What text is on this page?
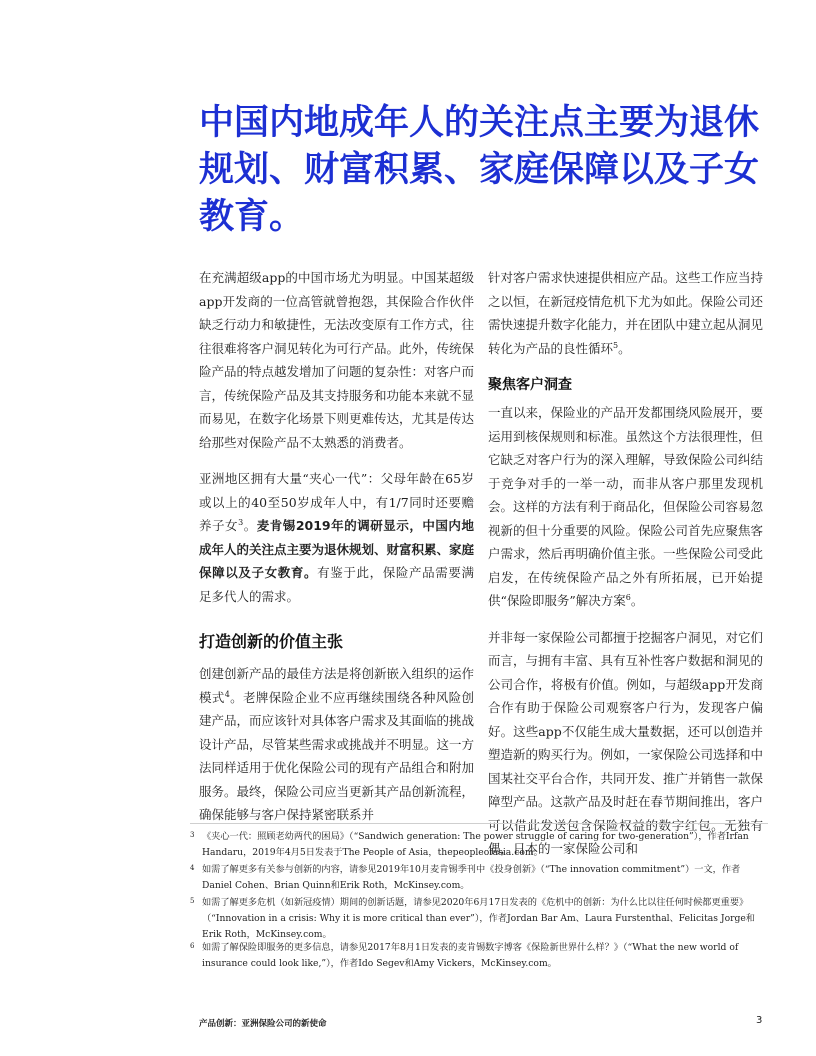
中国内地成年人的关注点主要为退休规划、财富积累、家庭保障以及子女教育。

在充满超级app的中国市场尤为明显。中国某超级app开发商的一位高管就曾抱怨，其保险合作伙伴缺乏行动力和敏捷性，无法改变原有工作方式，往往很难将客户洞见转化为可行产品。此外，传统保险产品的特点越发增加了问题的复杂性：对客户而言，传统保险产品及其支持服务和功能本来就不显而易见，在数字化场景下则更难传达，尤其是传达给那些对保险产品不太熟悉的消费者。

亚洲地区拥有大量“夹心一代”：父母年龄在65岁或以上的40至50岁成年人中，有1/7同时还要赡养子女$^3$。麦肯锡2019年的调研显示，中国内地成年人的关注点主要为退休规划、财富积累、家庭保障以及子女教育。有鉴于此，保险产品需要满足多代人的需求。

打造创新的价值主张

创建创新产品的最佳方法是将创新嵌入组织的运作模式$^4$。老牌保险企业不应再继续围绕各种风险创建产品，而应该针对具体客户需求及其面临的挑战设计产品，尽管某些需求或挑战并不明显。这一方法同样适用于优化保险公司的现有产品组合和附加服务。最终，保险公司应当更新其产品创新流程，确保能够与客户保持紧密联系并

针对客户需求快速提供相应产品。这些工作应当持之以恒，在新冠疫情危机下尤为如此。保险公司还需快速提升数字化能力，并在团队中建立起从洞见转化为产品的良性循环$^5$。

聚焦客户洞查

一直以来，保险业的产品开发都围绕风险展开，要运用到核保规则和标准。虽然这个方法很理性，但它缺乏对客户行为的深入理解，导致保险公司纠结于竞争对手的一举一动，而非从客户那里发现机会。这样的方法有利于商品化，但保险公司容易忽视新的但十分重要的风险。保险公司首先应聚焦客户需求，然后再明确价值主张。一些保险公司受此启发，在传统保险产品之外有所拓展，已开始提供“保险即服务”解决方案$^6$。

并非每一家保险公司都擅于挖掘客户洞见，对它们而言，与拥有丰富、具有互补性客户数据和洞见的公司合作，将极有价值。例如，与超级app开发商合作有助于保险公司观察客户行为，发现客户偏好。这些app不仅能生成大量数据，还可以创造并塑造新的购买行为。例如，一家保险公司选择和中国某社交平台合作，共同开发、推广并销售一款保障型产品。这款产品及时赶在春节期间推出，客户可以借此发送包含保险权益的数字红包。无独有偶，日本的一家保险公司和

3 《夹心一代：照顾老幼两代的困局》（“Sandwich generation: The power struggle of caring for two-generation”），作者Irfan Handaru，2019年4月5日发表于The People of Asia，thepeopleofasia.com。
4 如需了解更多有关参与创新的内容，请参见2019年10月麦肯锡季刊中《投身创新》（“The innovation commitment”）一文，作者Daniel Cohen、Brian Quinn和Erik Roth，McKinsey.com。
5 如需了解更多危机（如新冠疫情）期间的创新话题，请参见2020年6月17日发表的《危机中的创新：为什么比以往任何时候都更重要》（“Innovation in a crisis: Why it is more critical than ever”），作者Jordan Bar Am、Laura Furstenthal、Felicitas Jorge和Erik Roth，McKinsey.com。
6 如需了解保险即服务的更多信息，请参见2017年8月1日发表的麦肯锡数字博客《保险新世界什么样？》（“What the new world of insurance could look like,”），作者Ido Segev和Amy Vickers，McKinsey.com。
产品创新：亚洲保险公司的新使命	3
